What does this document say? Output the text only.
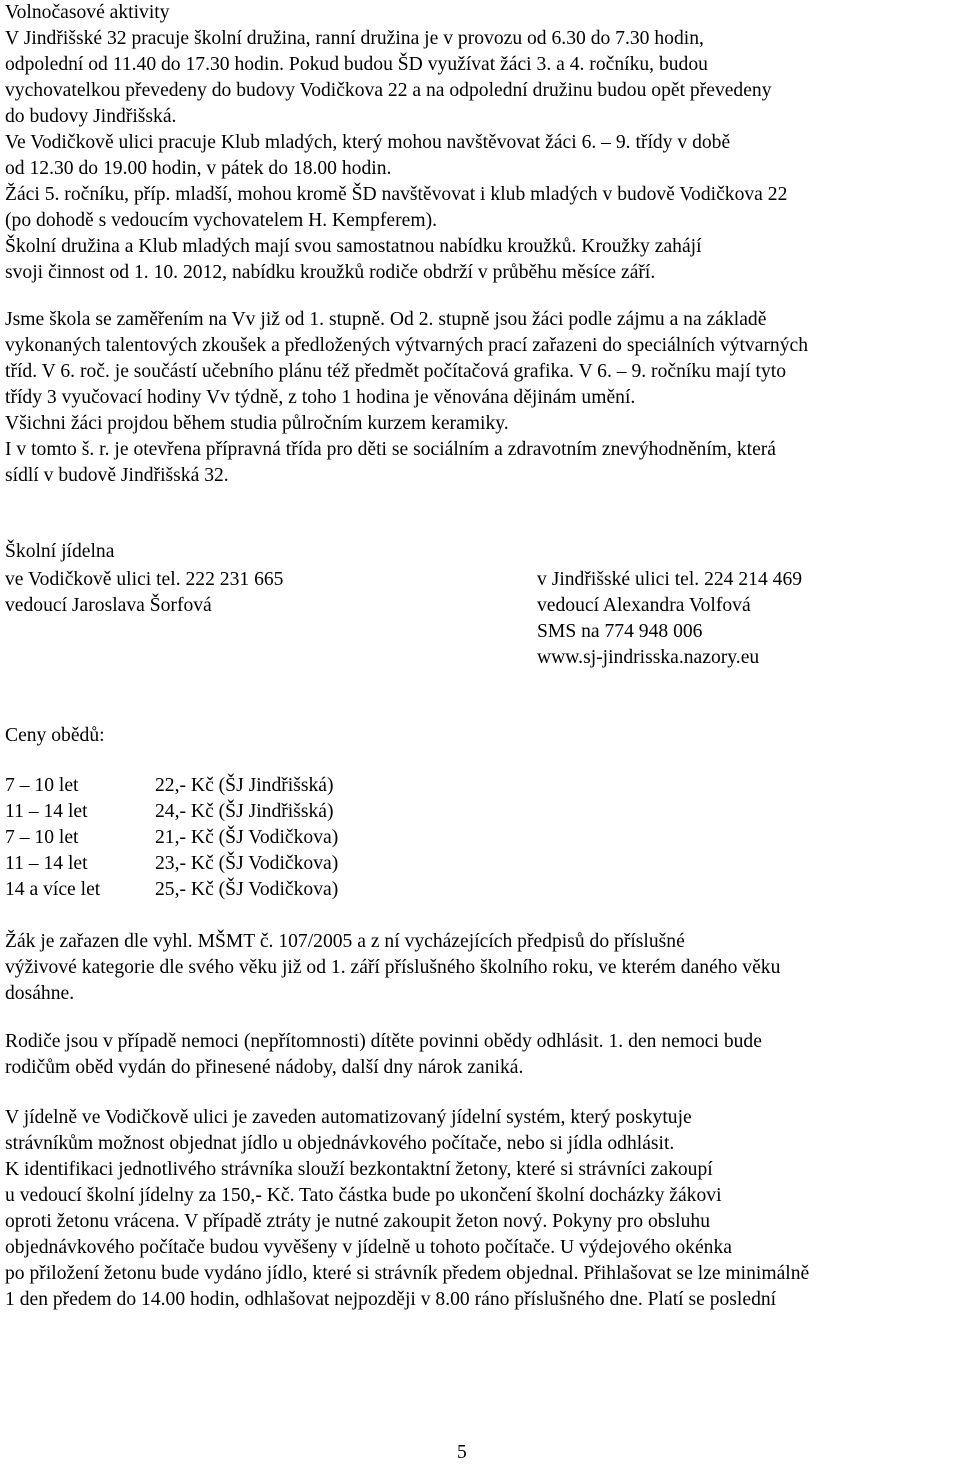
Volnočasové aktivity
V Jindřišské 32 pracuje školní družina, ranní družina je v provozu od 6.30 do 7.30 hodin,
odpolední od 11.40 do 17.30 hodin. Pokud budou ŠD využívat žáci 3. a 4. ročníku, budou
vychovatelkou převedeny do budovy Vodičkova 22 a na odpolední družinu budou opět převedeny
do budovy Jindřišská.
Ve Vodičkově ulici pracuje Klub mladých, který mohou navštěvovat žáci 6. – 9. třídy v době
od 12.30 do 19.00 hodin, v pátek do 18.00 hodin.
Žáci 5. ročníku, příp. mladší, mohou kromě ŠD navštěvovat i klub mladých v budově Vodičkova 22
(po dohodě s vedoucím vychovatelem H. Kempferem).
Školní družina a Klub mladých mají svou samostatnou nabídku kroužků. Kroužky zahájí
svoji činnost od 1. 10. 2012, nabídku kroužků rodiče obdrží v průběhu měsíce září.
Jsme škola se zaměřením na Vv již od 1. stupně. Od 2. stupně jsou žáci podle zájmu a na základě
vykonaných talentových zkoušek a předložených výtvarných prací zařazeni do speciálních výtvarných
tříd. V 6. roč. je součástí učebního plánu též předmět počítačová grafika. V 6. – 9. ročníku mají tyto
třídy 3 vyučovací hodiny Vv týdně, z toho 1 hodina je věnována dějinám umění.
Všichni žáci projdou během studia půlročním kurzem keramiky.
I v tomto š. r. je otevřena přípravná třída pro děti se sociálním a zdravotním znevýhodněním, která
sídlí v budově Jindřišská 32.
Školní jídelna
ve Vodičkově ulici tel. 222 231 665
vedoucí Jaroslava Šorfová
v Jindřišské ulici tel. 224 214 469
vedoucí Alexandra Volfová
SMS na 774 948 006
www.sj-jindrisska.nazory.eu
Ceny obědů:
7 – 10 let	22,- Kč (ŠJ Jindřišská)
11 – 14 let	24,- Kč (ŠJ Jindřišská)
7 – 10 let	21,- Kč (ŠJ Vodičkova)
11 – 14 let	23,- Kč (ŠJ Vodičkova)
14 a více let	25,- Kč (ŠJ Vodičkova)
Žák je zařazen dle vyhl. MŠMT č. 107/2005 a z ní vycházejících předpisů do příslušné
výživové kategorie dle svého věku již od 1. září příslušného školního roku, ve kterém daného věku
dosáhne.
Rodiče jsou v případě nemoci (nepřítomnosti) dítěte povinni obědy odhlásit. 1. den nemoci bude
rodičům oběd vydán do přinesené nádoby, další dny nárok zaniká.
V jídelně ve Vodičkově ulici je zaveden automatizovaný jídelní systém, který poskytuje
strávníkům možnost objednat jídlo u objednávkového počítače, nebo si jídla odhlásit.
K identifikaci jednotlivého strávníka slouží bezkontaktní žetony, které si strávníci zakoupí
u vedoucí školní jídelny za 150,- Kč. Tato částka bude po ukončení školní docházky žákovi
oproti žetonu vrácena. V případě ztráty je nutné zakoupit žeton nový. Pokyny pro obsluhu
objednávkového počítače budou vyvěšeny v jídelně u tohoto počítače. U výdejového okénka
po přiložení žetonu bude vydáno jídlo, které si strávník předem objednal. Přihlašovat se lze minimálně
1 den předem do 14.00 hodin, odhlašovat nejpozději v 8.00 ráno příslušného dne. Platí se poslední
5
